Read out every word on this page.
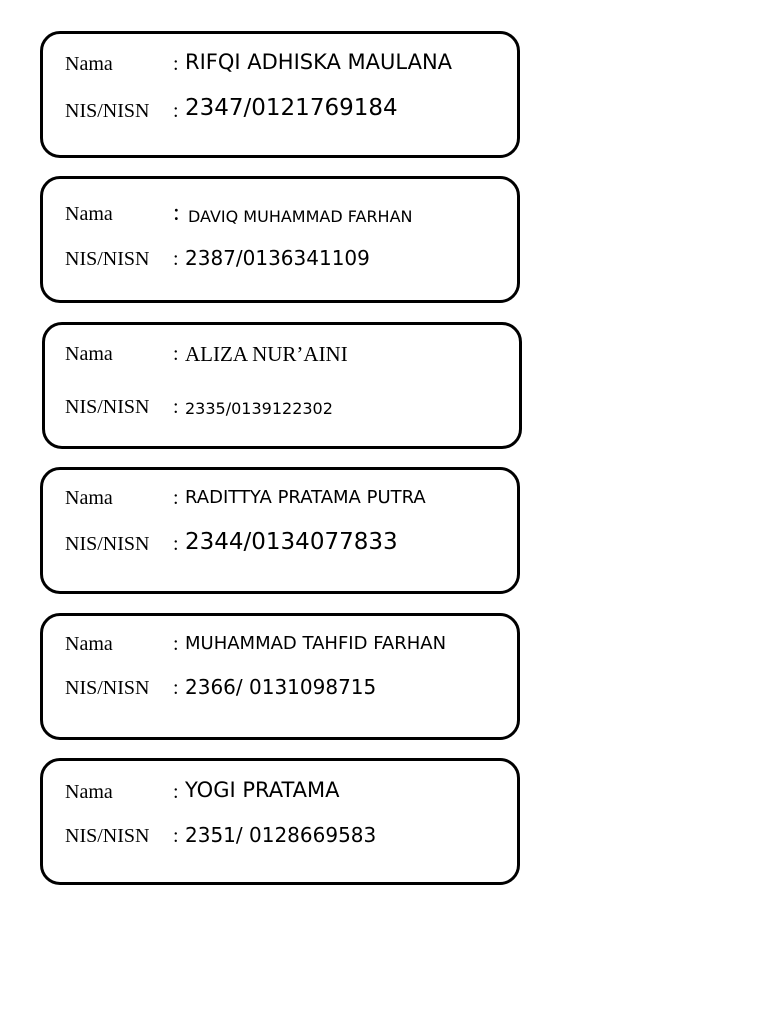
Nama	: RIFQI ADHISKA MAULANA
NIS/NISN : 2347/0121769184
Nama	: DAVIQ MUHAMMAD FARHAN
NIS/NISN : 2387/0136341109
Nama	: ALIZA NUR’AINI
NIS/NISN : 2335/0139122302
Nama	: RADITTYA PRATAMA PUTRA
NIS/NISN : 2344/0134077833
Nama	: MUHAMMAD TAHFID FARHAN
NIS/NISN : 2366/ 0131098715
Nama	: YOGI PRATAMA
NIS/NISN : 2351/ 0128669583
